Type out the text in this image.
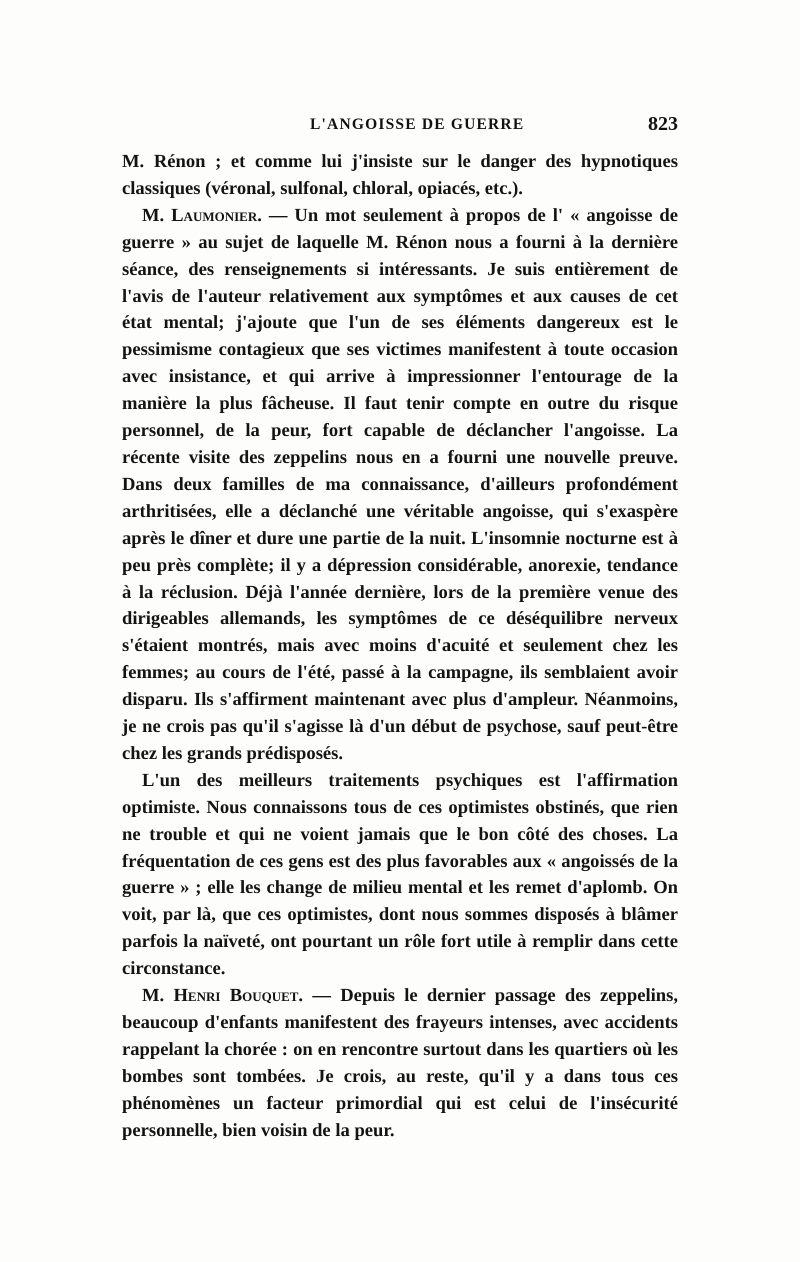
L'ANGOISSE DE GUERRE	823

M. Rénon ; et comme lui j'insiste sur le danger des hypnotiques classiques (véronal, sulfonal, chloral, opiacés, etc.).

M. Laumonier. — Un mot seulement à propos de l' « angoisse de guerre » au sujet de laquelle M. Rénon nous a fourni à la dernière séance, des renseignements si intéressants. Je suis entièrement de l'avis de l'auteur relativement aux symptômes et aux causes de cet état mental; j'ajoute que l'un de ses éléments dangereux est le pessimisme contagieux que ses victimes manifestent à toute occasion avec insistance, et qui arrive à impressionner l'entourage de la manière la plus fâcheuse. Il faut tenir compte en outre du risque personnel, de la peur, fort capable de déclancher l'angoisse. La récente visite des zeppelins nous en a fourni une nouvelle preuve. Dans deux familles de ma connaissance, d'ailleurs profondément arthritisées, elle a déclanché une véritable angoisse, qui s'exaspère après le dîner et dure une partie de la nuit. L'insomnie nocturne est à peu près complète; il y a dépression considérable, anorexie, tendance à la réclusion. Déjà l'année dernière, lors de la première venue des dirigeables allemands, les symptômes de ce déséquilibre nerveux s'étaient montrés, mais avec moins d'acuité et seulement chez les femmes; au cours de l'été, passé à la campagne, ils semblaient avoir disparu. Ils s'affirment maintenant avec plus d'ampleur. Néanmoins, je ne crois pas qu'il s'agisse là d'un début de psychose, sauf peut-être chez les grands prédisposés.

L'un des meilleurs traitements psychiques est l'affirmation optimiste. Nous connaissons tous de ces optimistes obstinés, que rien ne trouble et qui ne voient jamais que le bon côté des choses. La fréquentation de ces gens est des plus favorables aux « angoissés de la guerre » ; elle les change de milieu mental et les remet d'aplomb. On voit, par là, que ces optimistes, dont nous sommes disposés à blâmer parfois la naïveté, ont pourtant un rôle fort utile à remplir dans cette circonstance.

M. Henri Bouquet. — Depuis le dernier passage des zeppelins, beaucoup d'enfants manifestent des frayeurs intenses, avec accidents rappelant la chorée : on en rencontre surtout dans les quartiers où les bombes sont tombées. Je crois, au reste, qu'il y a dans tous ces phénomènes un facteur primordial qui est celui de l'insécurité personnelle, bien voisin de la peur.
